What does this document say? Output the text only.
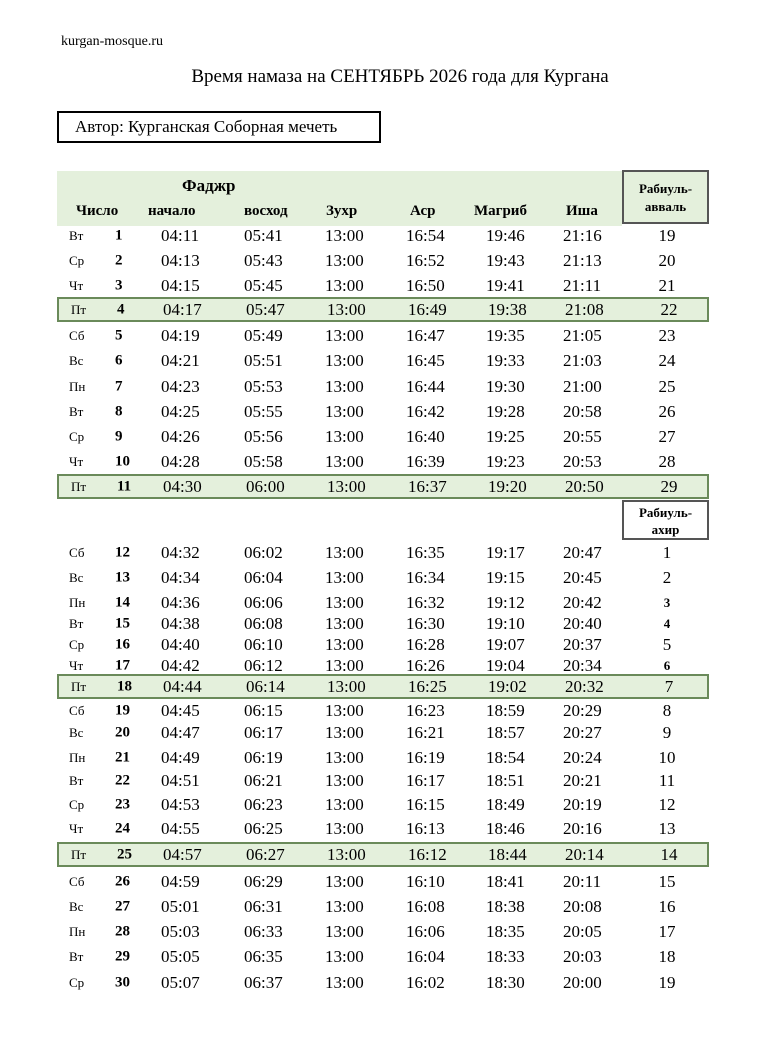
kurgan-mosque.ru
Время намаза на СЕНТЯБРЬ 2026 года для Кургана
Автор: Курганская Соборная мечеть
Фаджр
Число начало	восход	Зухр	Аср	Магриб	Иша
Рабиуль-
авваль
Рабиуль-
ахир
Вт 1 04:11	05:41 13:00 16:54 19:46 21:16	19
Ср 2 04:13	05:43 13:00 16:52 19:43 21:13	20
Чт 3 04:15	05:45 13:00 16:50 19:41 21:11	21
Пт 4 04:17	05:47 13:00 16:49 19:38 21:08	22
Сб 5 04:19	05:49 13:00 16:47 19:35 21:05	23
Вс 6 04:21	05:51 13:00 16:45 19:33 21:03	24
Пн 7 04:23	05:53 13:00 16:44 19:30 21:00	25
Вт 8 04:25	05:55 13:00 16:42 19:28 20:58	26
Ср 9 04:26	05:56 13:00 16:40 19:25 20:55	27
Чт 10 04:28	05:58 13:00 16:39 19:23 20:53	28
Пт 11 04:30	06:00 13:00 16:37 19:20 20:50	29
Сб 12 04:32	06:02 13:00 16:35 19:17 20:47	1
Вс 13 04:34	06:04 13:00 16:34 19:15 20:45	2
Пн 14 04:36	06:06 13:00 16:32 19:12 20:42	3
Вт 15 04:38	06:08 13:00 16:30 19:10 20:40	4
Ср 16 04:40	06:10 13:00 16:28 19:07 20:37	5
Чт 17 04:42	06:12 13:00 16:26 19:04 20:34	6
Пт 18 04:44	06:14 13:00 16:25 19:02 20:32	7
Сб 19 04:45	06:15 13:00 16:23 18:59 20:29	8
Вс 20 04:47	06:17 13:00 16:21 18:57 20:27	9
Пн 21 04:49	06:19 13:00 16:19 18:54 20:24	10
Вт 22 04:51	06:21 13:00 16:17 18:51 20:21	11
Ср 23 04:53	06:23 13:00 16:15 18:49 20:19	12
Чт 24 04:55	06:25 13:00 16:13 18:46 20:16	13
Пт 25 04:57	06:27 13:00 16:12 18:44 20:14	14
Сб 26 04:59	06:29 13:00 16:10 18:41 20:11	15
Вс 27 05:01	06:31 13:00 16:08 18:38 20:08	16
Пн 28 05:03	06:33 13:00 16:06 18:35 20:05	17
Вт 29 05:05	06:35 13:00 16:04 18:33 20:03	18
Ср 30 05:07	06:37 13:00 16:02 18:30 20:00	19
